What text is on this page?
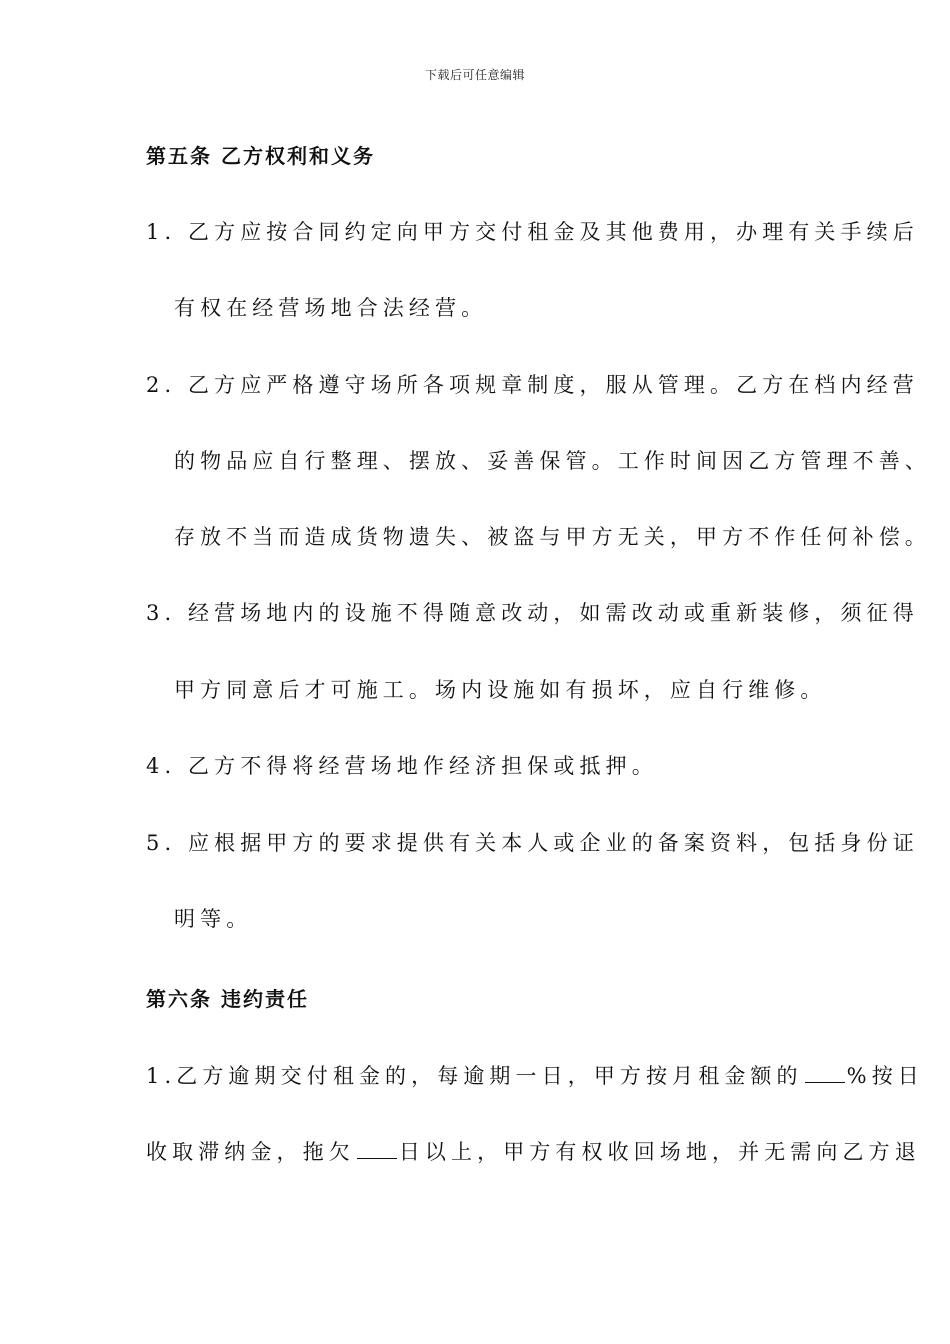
下载后可任意编辑
第五条 乙方权利和义务
1. 乙方应按合同约定向甲方交付租金及其他费用，办理有关手续后
有权在经营场地合法经营。
2. 乙方应严格遵守场所各项规章制度，服从管理。乙方在档内经营
的物品应自行整理、摆放、妥善保管。工作时间因乙方管理不善、
存放不当而造成货物遗失、被盗与甲方无关，甲方不作任何补偿。
3. 经营场地内的设施不得随意改动，如需改动或重新装修，须征得
甲方同意后才可施工。场内设施如有损坏，应自行维修。
4. 乙方不得将经营场地作经济担保或抵押。
5. 应根据甲方的要求提供有关本人或企业的备案资料，包括身份证
明等。
第六条 违约责任
1.乙方逾期交付租金的，每逾期一日，甲方按月租金额的 %按日
收取滞纳金，拖欠 日以上，甲方有权收回场地，并无需向乙方退
